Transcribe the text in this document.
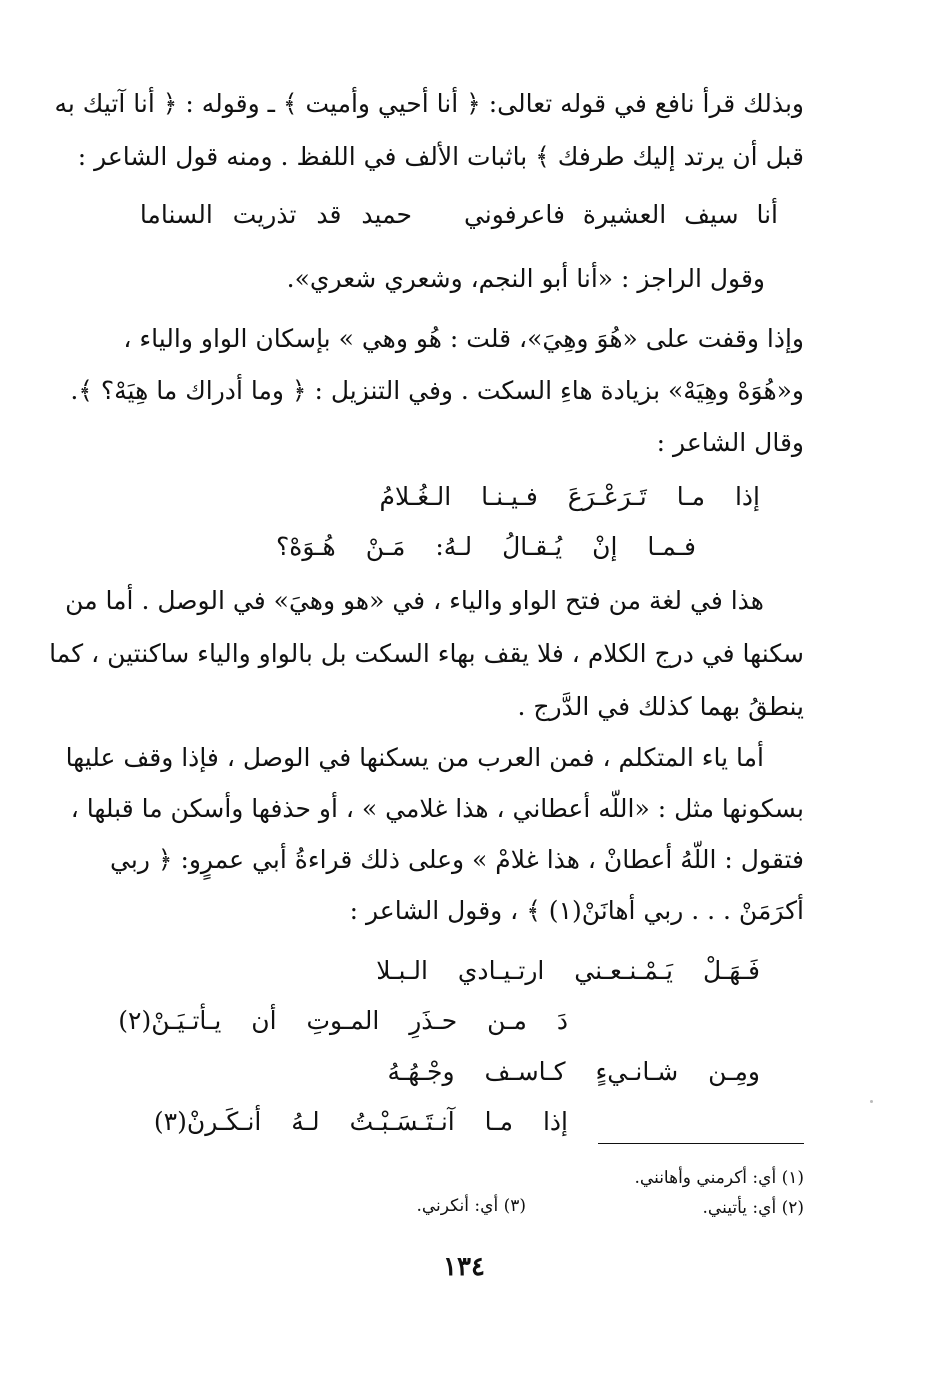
وبذلك قرأ نافع في قوله تعالى: ﴿ أنا أحيي وأميت ﴾ ـ وقوله : ﴿ أنا آتيك به
قبل أن يرتد إليك طرفك ﴾ باثبات الألف في اللفظ . ومنه قول الشاعر :
أنا سيف العشيرة فاعرفوني
حميد قد تذريت السناما
وقول الراجز : «أنا أبو النجم، وشعري شعري».
وإذا وقفت على «هُوَ وهِيَ»، قلت : هُو وهي » بإسكان الواو والياء ،
و«هُوَهْ وهِيَهْ» بزيادة هاءِ السكت . وفي التنزيل : ﴿ وما أدراك ما هِيَهْ؟ ﴾.
وقال الشاعر :
إذا مـا تَـرَعْـرَعَ فـيـنـا الـغُـلامُ
فـمـا إنْ يُـقـالُ لـهُ: مَـنْ هُـوَهْ؟
هذا في لغة من فتح الواو والياء ، في «هو وهيَ» في الوصل . أما من
سكنها في درج الكلام ، فلا يقف بهاء السكت بل بالواو والياء ساكنتين ، كما
ينطقُ بهما كذلك في الدَّرج .
أما ياء المتكلم ، فمن العرب من يسكنها في الوصل ، فإذا وقف عليها
بسكونها مثل : «اللّه أعطاني ، هذا غلامي » ، أو حذفها وأسكن ما قبلها ،
فتقول : اللّهُ أعطانْ ، هذا غلامْ » وعلى ذلك قراءةُ أبي عمرٍو: ﴿ ربي
أكرَمَنْ . . . ربي أهانَنْ(١) ﴾ ، وقول الشاعر :
فَـهَـلْ يَـمْـنـعـني ارتـيـادي الـبـلا
دَ مـن حـذَرِ المـوتِ أن يـأتـيَـنْ(٢)
ومِـن شـانـيءٍ كـاسـف وجْـهُـهُ
إذا مـا آنـتَـسَـبْـتُ لـهُ أنـكَـرنْ(٣)
(١) أي: أكرمني وأهانني.
(٢) أي: يأتيني.
(٣) أي: أنكرني.
١٣٤
